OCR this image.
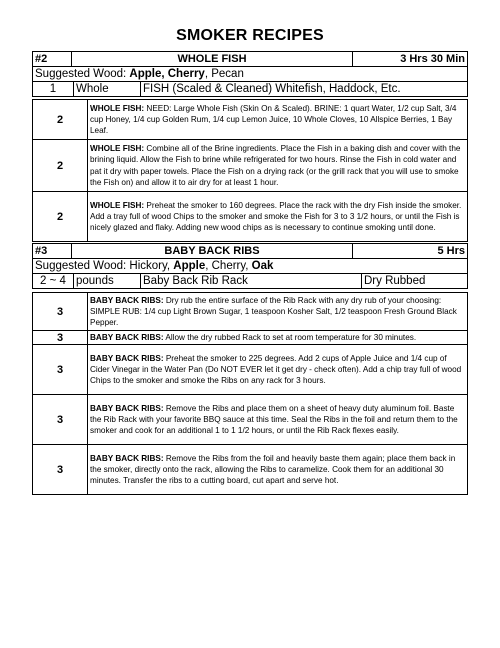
SMOKER RECIPES
#2	WHOLE FISH	3 Hrs 30 Min
Suggested Wood: Apple, Cherry, Pecan
1	Whole	FISH (Scaled & Cleaned) Whitefish, Haddock, Etc.
2	WHOLE FISH: NEED: Large Whole Fish (Skin On & Scaled). BRINE: 1 quart Water, 1/2 cup Salt, 3/4 cup Honey, 1/4 cup Golden Rum, 1/4 cup Lemon Juice, 10 Whole Cloves, 10 Allspice Berries, 1 Bay Leaf.
2	WHOLE FISH: Combine all of the Brine ingredients. Place the Fish in a baking dish and cover with the brining liquid. Allow the Fish to brine while refrigerated for two hours. Rinse the Fish in cold water and pat it dry with paper towels. Place the Fish on a drying rack (or the grill rack that you will use to smoke the Fish on) and allow it to air dry for at least 1 hour.
2	WHOLE FISH: Preheat the smoker to 160 degrees. Place the rack with the dry Fish inside the smoker. Add a tray full of wood Chips to the smoker and smoke the Fish for 3 to 3 1/2 hours, or until the Fish is nicely glazed and flaky. Adding new wood chips as is necessary to continue smoking until done.
#3	BABY BACK RIBS	5 Hrs
Suggested Wood: Hickory, Apple, Cherry, Oak
2 ~ 4	pounds	Baby Back Rib Rack	Dry Rubbed
3	BABY BACK RIBS: Dry rub the entire surface of the Rib Rack with any dry rub of your choosing: SIMPLE RUB: 1/4 cup Light Brown Sugar, 1 teaspoon Kosher Salt, 1/2 teaspoon Fresh Ground Black Pepper.
3	BABY BACK RIBS: Allow the dry rubbed Rack to set at room temperature for 30 minutes.
3	BABY BACK RIBS: Preheat the smoker to 225 degrees. Add 2 cups of Apple Juice and 1/4 cup of Cider Vinegar in the Water Pan (Do NOT EVER let it get dry - check often). Add a chip tray full of wood Chips to the smoker and smoke the Ribs on any rack for 3 hours.
3	BABY BACK RIBS: Remove the Ribs and place them on a sheet of heavy duty aluminum foil. Baste the Rib Rack with your favorite BBQ sauce at this time. Seal the Ribs in the foil and return them to the smoker and cook for an additional 1 to 1 1/2 hours, or until the Rib Rack flexes easily.
3	BABY BACK RIBS: Remove the Ribs from the foil and heavily baste them again; place them back in the smoker, directly onto the rack, allowing the Ribs to caramelize. Cook them for an additional 30 minutes. Transfer the ribs to a cutting board, cut apart and serve hot.
